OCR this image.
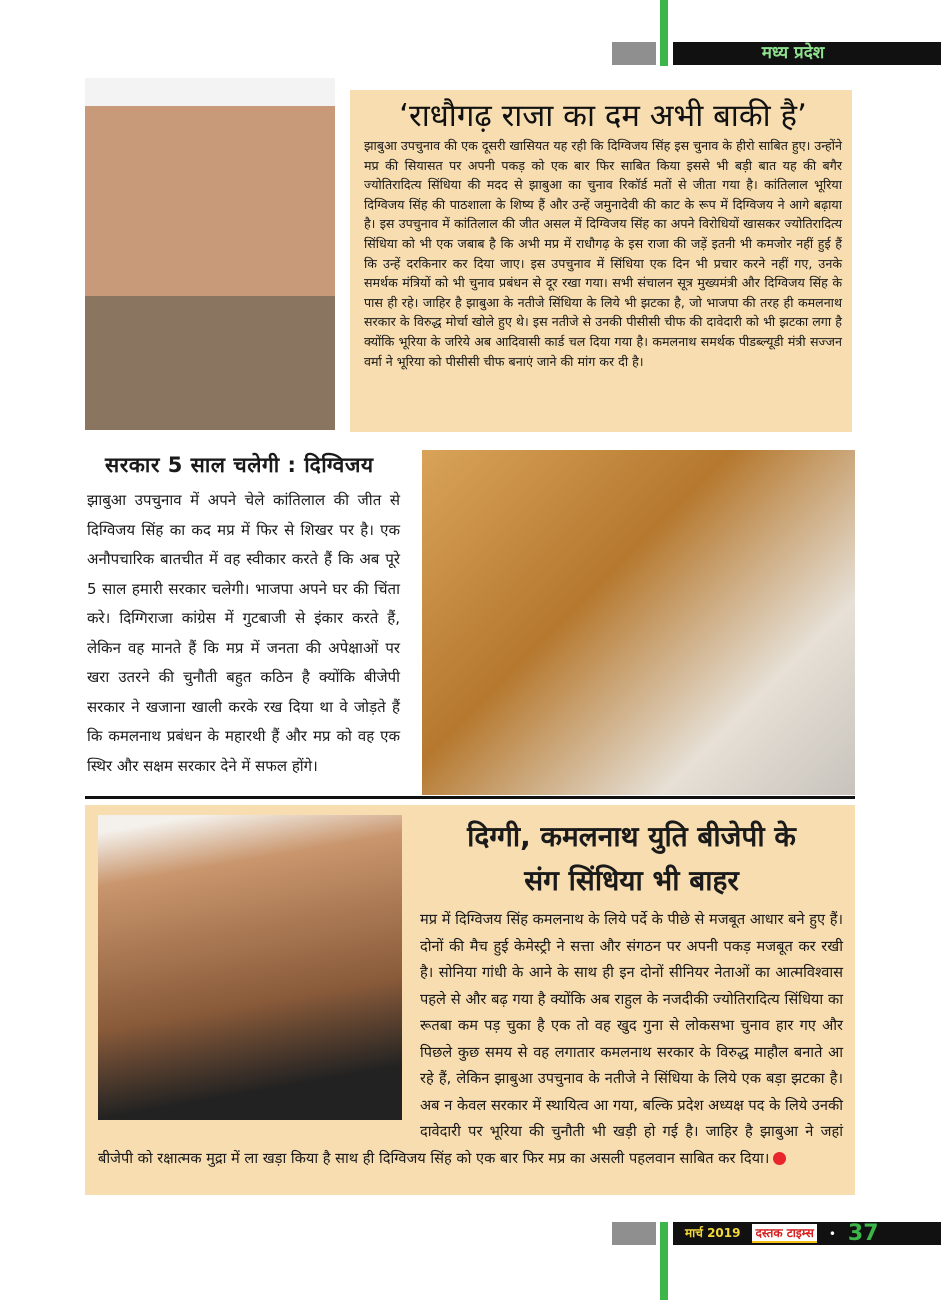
मध्य प्रदेश
‘राधौगढ़ राजा का दम अभी बाकी है’

झाबुआ उपचुनाव की एक दूसरी खासियत यह रही कि दिग्विजय सिंह इस चुनाव के हीरो साबित हुए। उन्होंने मप्र की सियासत पर अपनी पकड़ को एक बार फिर साबित किया इससे भी बड़ी बात यह की बगैर ज्योतिरादित्य सिंधिया की मदद से झाबुआ का चुनाव रिकॉर्ड मतों से जीता गया है। कांतिलाल भूरिया दिग्विजय सिंह की पाठशाला के शिष्य हैं और उन्हें जमुनादेवी की काट के रूप में दिग्विजय ने आगे बढ़ाया है। इस उपचुनाव में कांतिलाल की जीत असल में दिग्विजय सिंह का अपने विरोधियों खासकर ज्योतिरादित्य सिंधिया को भी एक जबाब है कि अभी मप्र में राधौगढ़ के इस राजा की जड़ें इतनी भी कमजोर नहीं हुई हैं कि उन्हें दरकिनार कर दिया जाए। इस उपचुनाव में सिंधिया एक दिन भी प्रचार करने नहीं गए, उनके समर्थक मंत्रियों को भी चुनाव प्रबंधन से दूर रखा गया। सभी संचालन सूत्र मुख्यमंत्री और दिग्विजय सिंह के पास ही रहे। जाहिर है झाबुआ के नतीजे सिंधिया के लिये भी झटका है, जो भाजपा की तरह ही कमलनाथ सरकार के विरुद्ध मोर्चा खोले हुए थे। इस नतीजे से उनकी पीसीसी चीफ की दावेदारी को भी झटका लगा है क्योंकि भूरिया के जरिये अब आदिवासी कार्ड चल दिया गया है। कमलनाथ समर्थक पीडब्ल्यूडी मंत्री सज्जन वर्मा ने भूरिया को पीसीसी चीफ बनाएं जाने की मांग कर दी है।

सरकार 5 साल चलेगी : दिग्विजय

झाबुआ उपचुनाव में अपने चेले कांतिलाल की जीत से दिग्विजय सिंह का कद मप्र में फिर से शिखर पर है। एक अनौपचारिक बातचीत में वह स्वीकार करते हैं कि अब पूरे 5 साल हमारी सरकार चलेगी। भाजपा अपने घर की चिंता करे। दिग्गिराजा कांग्रेस में गुटबाजी से इंकार करते हैं, लेकिन वह मानते हैं कि मप्र में जनता की अपेक्षाओं पर खरा उतरने की चुनौती बहुत कठिन है क्योंकि बीजेपी सरकार ने खजाना खाली करके रख दिया था वे जोड़ते हैं कि कमलनाथ प्रबंधन के महारथी हैं और मप्र को वह एक स्थिर और सक्षम सरकार देने में सफल होंगे।

दिग्गी, कमलनाथ युति बीजेपी के
संग सिंधिया भी बाहर

मप्र में दिग्विजय सिंह कमलनाथ के लिये पर्दे के पीछे से मजबूत आधार बने हुए हैं। दोनों की मैच हुई केमेस्ट्री ने सत्ता और संगठन पर अपनी पकड़ मजबूत कर रखी है। सोनिया गांधी के आने के साथ ही इन दोनों सीनियर नेताओं का आत्मविश्वास पहले से और बढ़ गया है क्योंकि अब राहुल के नजदीकी ज्योतिरादित्य सिंधिया का रूतबा कम पड़ चुका है एक तो वह खुद गुना से लोकसभा चुनाव हार गए और पिछले कुछ समय से वह लगातार कमलनाथ सरकार के विरुद्ध माहौल बनाते आ रहे हैं, लेकिन झाबुआ उपचुनाव के नतीजे ने सिंधिया के लिये एक बड़ा झटका है। अब न केवल सरकार में स्थायित्व आ गया, बल्कि प्रदेश अध्यक्ष पद के लिये उनकी दावेदारी पर भूरिया की चुनौती भी खड़ी हो गई है। जाहिर है झाबुआ ने जहां बीजेपी को रक्षात्मक मुद्रा में ला खड़ा किया है साथ ही दिग्विजय सिंह को एक बार फिर मप्र का असली पहलवान साबित कर दिया।

मार्च 2019 दस्तक टाइम्स • 37
